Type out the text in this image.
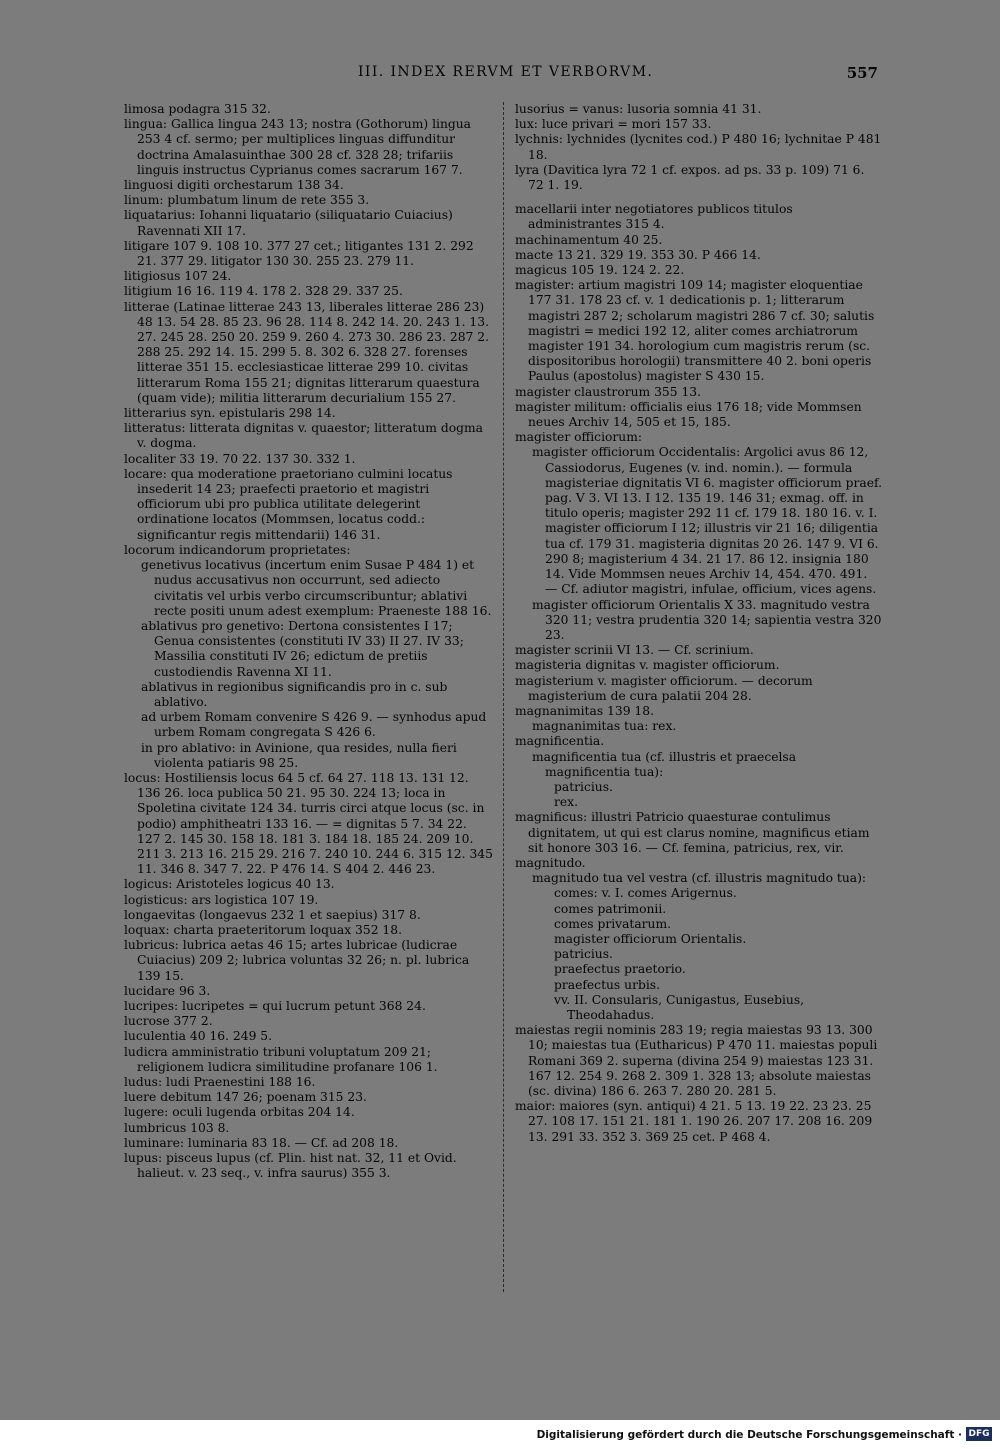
III. INDEX RERVM ET VERBORVM.	557
limosa podagra 315 32.
lingua: Gallica lingua 243 13; nostra (Gothorum) lingua 253 4 cf. sermo; per multiplices linguas diffunditur doctrina Amalasuinthae 300 28 cf. 328 28; trifariis linguis instructus Cyprianus comes sacrarum 167 7.
linguosi digiti orchestarum 138 34.
linum: plumbatum linum de rete 355 3.
liquatarius: Iohanni liquatario (siliquatario Cuiacius) Ravennati XII 17.
litigare 107 9. 108 10. 377 27 cet.; litigantes 131 2. 292 21. 377 29. litigator 130 30. 255 23. 279 11.
litigiosus 107 24.
litigium 16 16. 119 4. 178 2. 328 29. 337 25.
litterae (Latinae litterae 243 13, liberales litterae 286 23) 48 13. 54 28. 85 23. 96 28. 114 8. 242 14. 20. 243 1. 13. 27. 245 28. 250 20. 259 9. 260 4. 273 30. 286 23. 287 2. 288 25. 292 14. 15. 299 5. 8. 302 6. 328 27. forenses litterae 351 15. ecclesiasticae litterae 299 10. civitas litterarum Roma 155 21; dignitas litterarum quaestura (quam vide); militia litterarum decurialium 155 27.
litterarius syn. epistularis 298 14.
litteratus: litterata dignitas v. quaestor; litteratum dogma v. dogma.
localiter 33 19. 70 22. 137 30. 332 1.
locare: qua moderatione praetoriano culmini locatus insederit 14 23; praefecti praetorio et magistri officiorum ubi pro publica utilitate delegerint ordinatione locatos (Mommsen, locatus codd.: significantur regis mittendarii) 146 31.
locorum indicandorum proprietates:
genetivus locativus (incertum enim Susae P 484 1) et nudus accusativus non occurrunt, sed adiecto civitatis vel urbis verbo circumscribuntur; ablativi recte positi unum adest exemplum: Praeneste 188 16.
ablativus pro genetivo: Dertona consistentes I 17; Genua consistentes (constituti IV 33) II 27. IV 33; Massilia constituti IV 26; edictum de pretiis custodiendis Ravenna XI 11.
ablativus in regionibus significandis pro in c. sub ablativo.
ad urbem Romam convenire S 426 9. — synhodus apud urbem Romam congregata S 426 6.
in pro ablativo: in Avinione, qua resides, nulla fieri violenta patiaris 98 25.
locus: Hostiliensis locus 64 5 cf. 64 27. 118 13. 131 12. 136 26. loca publica 50 21. 95 30. 224 13; loca in Spoletina civitate 124 34. turris circi atque locus (sc. in podio) amphitheatri 133 16. — = dignitas 5 7. 34 22. 127 2. 145 30. 158 18. 181 3. 184 18. 185 24. 209 10. 211 3. 213 16. 215 29. 216 7. 240 10. 244 6. 315 12. 345 11. 346 8. 347 7. 22. P 476 14. S 404 2. 446 23.
logicus: Aristoteles logicus 40 13.
logisticus: ars logistica 107 19.
longaevitas (longaevus 232 1 et saepius) 317 8.
loquax: charta praeteritorum loquax 352 18.
lubricus: lubrica aetas 46 15; artes lubricae (ludicrae Cuiacius) 209 2; lubrica voluntas 32 26; n. pl. lubrica 139 15.
lucidare 96 3.
lucripes: lucripetes = qui lucrum petunt 368 24.
lucrose 377 2.
luculentia 40 16. 249 5.
ludicra amministratio tribuni voluptatum 209 21; religionem ludicra similitudine profanare 106 1.
ludus: ludi Praenestini 188 16.
luere debitum 147 26; poenam 315 23.
lugere: oculi lugenda orbitas 204 14.
lumbricus 103 8.
luminare: luminaria 83 18. — Cf. ad 208 18.
lupus: pisceus lupus (cf. Plin. hist nat. 32, 11 et Ovid. halieut. v. 23 seq., v. infra saurus) 355 3.
lusorius = vanus: lusoria somnia 41 31.
lux: luce privari = mori 157 33.
lychnis: lychnides (lycnites cod.) P 480 16; lychnitae P 481 18.
lyra (Davitica lyra 72 1 cf. expos. ad ps. 33 p. 109) 71 6. 72 1. 19.
macellarii inter negotiatores publicos titulos administrantes 315 4.
machinamentum 40 25.
macte 13 21. 329 19. 353 30. P 466 14.
magicus 105 19. 124 2. 22.
magister: artium magistri 109 14; magister eloquentiae 177 31. 178 23 cf. v. 1 dedicationis p. 1; litterarum magistri 287 2; scholarum magistri 286 7 cf. 30; salutis magistri = medici 192 12, aliter comes archiatrorum magister 191 34. horologium cum magistris rerum (sc. dispositoribus horologii) transmittere 40 2. boni operis Paulus (apostolus) magister S 430 15.
magister claustrorum 355 13.
magister militum: officialis eius 176 18; vide Mommsen neues Archiv 14, 505 et 15, 185.
magister officiorum:
magister officiorum Occidentalis: Argolici avus 86 12, Cassiodorus, Eugenes (v. ind. nomin.). — formula magisteriae dignitatis VI 6. magister officiorum praef. pag. V 3. VI 13. I 12. 135 19. 146 31; exmag. off. in titulo operis; magister 292 11 cf. 179 18. 180 16. v. I. magister officiorum I 12; illustris vir 21 16; diligentia tua cf. 179 31. magisteria dignitas 20 26. 147 9. VI 6. 290 8; magisterium 4 34. 21 17. 86 12. insignia 180 14. Vide Mommsen neues Archiv 14, 454. 470. 491. — Cf. adiutor magistri, infulae, officium, vices agens.
magister officiorum Orientalis X 33. magnitudo vestra 320 11; vestra prudentia 320 14; sapientia vestra 320 23.
magister scrinii VI 13. — Cf. scrinium.
magisteria dignitas v. magister officiorum.
magisterium v. magister officiorum. — decorum magisterium de cura palatii 204 28.
magnanimitas 139 18.
magnanimitas tua: rex.
magnificentia.
magnificentia tua (cf. illustris et praecelsa magnificentia tua):
patricius.
rex.
magnificus: illustri Patricio quaesturae contulimus dignitatem, ut qui est clarus nomine, magnificus etiam sit honore 303 16. — Cf. femina, patricius, rex, vir.
magnitudo.
magnitudo tua vel vestra (cf. illustris magnitudo tua):
comes: v. I. comes Arigernus.
comes patrimonii.
comes privatarum.
magister officiorum Orientalis.
patricius.
praefectus praetorio.
praefectus urbis.
vv. II. Consularis, Cunigastus, Eusebius, Theodahadus.
maiestas regii nominis 283 19; regia maiestas 93 13. 300 10; maiestas tua (Eutharicus) P 470 11. maiestas populi Romani 369 2. superna (divina 254 9) maiestas 123 31. 167 12. 254 9. 268 2. 309 1. 328 13; absolute maiestas (sc. divina) 186 6. 263 7. 280 20. 281 5.
maior: maiores (syn. antiqui) 4 21. 5 13. 19 22. 23 23. 25 27. 108 17. 151 21. 181 1. 190 26. 207 17. 208 16. 209 13. 291 33. 352 3. 369 25 cet. P 468 4.
Digitalisierung gefördert durch die Deutsche Forschungsgemeinschaft · DFG
